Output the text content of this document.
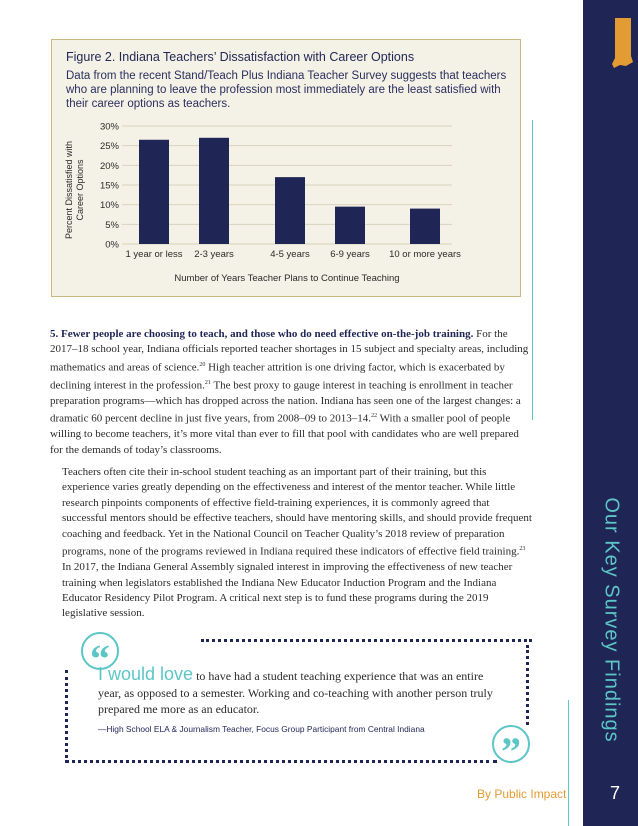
Our Key Survey Findings
7
Figure 2. Indiana Teachers’ Dissatisfaction with Career Options
Data from the recent Stand/Teach Plus Indiana Teacher Survey suggests that teachers who are planning to leave the profession most immediately are the least satisfied with their career options as teachers.
0%
5%
10%
15%
20%
25%
30%
1 year or less 2-3 years	4-5 years 6-9 years 10 or more years
Number of Years Teacher Plans to Continue Teaching
Percent Dissatisfied withCareer Options
5. Fewer people are choosing to teach, and those who do need effective on-the-job training. For the 2017–18 school year, Indiana officials reported teacher shortages in 15 subject and specialty areas, including mathematics and areas of science.$^{20}$ High teacher attrition is one driving factor, which is exacerbated by declining interest in the profession.$^{21}$ The best proxy to gauge interest in teaching is enrollment in teacher preparation programs—which has dropped across the nation. Indiana has seen one of the largest changes: a dramatic 60 percent decline in just five years, from 2008–09 to 2013–14.22 With a smaller pool of people willing to become teachers, it’s more vital than ever to fill that pool with candidates who are well prepared for the demands of today’s classrooms.
Teachers often cite their in-school student teaching as an important part of their training, but this experience varies greatly depending on the effectiveness and interest of the mentor teacher. While little research pinpoints components of effective field-training experiences, it is commonly agreed that successful mentors should be effective teachers, should have mentoring skills, and should provide frequent coaching and feedback. Yet in the National Council on Teacher Quality’s 2018 review of preparation programs, none of the programs reviewed in Indiana required these indicators of effective field training.$^{23}$ In 2017, the Indiana General Assembly signaled interest in improving the effectiveness of new teacher training when legislators established the Indiana New Educator Induction Program and the Indiana Educator Residency Pilot Program. A critical next step is to fund these programs during the 2019 legislative session.
“
”
I would love to have had a student teaching experience that was an entire year, as opposed to a semester. Working and co-teaching with another person truly prepared me more as an educator.
—High School ELA & Journalism Teacher, Focus Group Participant from Central Indiana
By Public Impact
